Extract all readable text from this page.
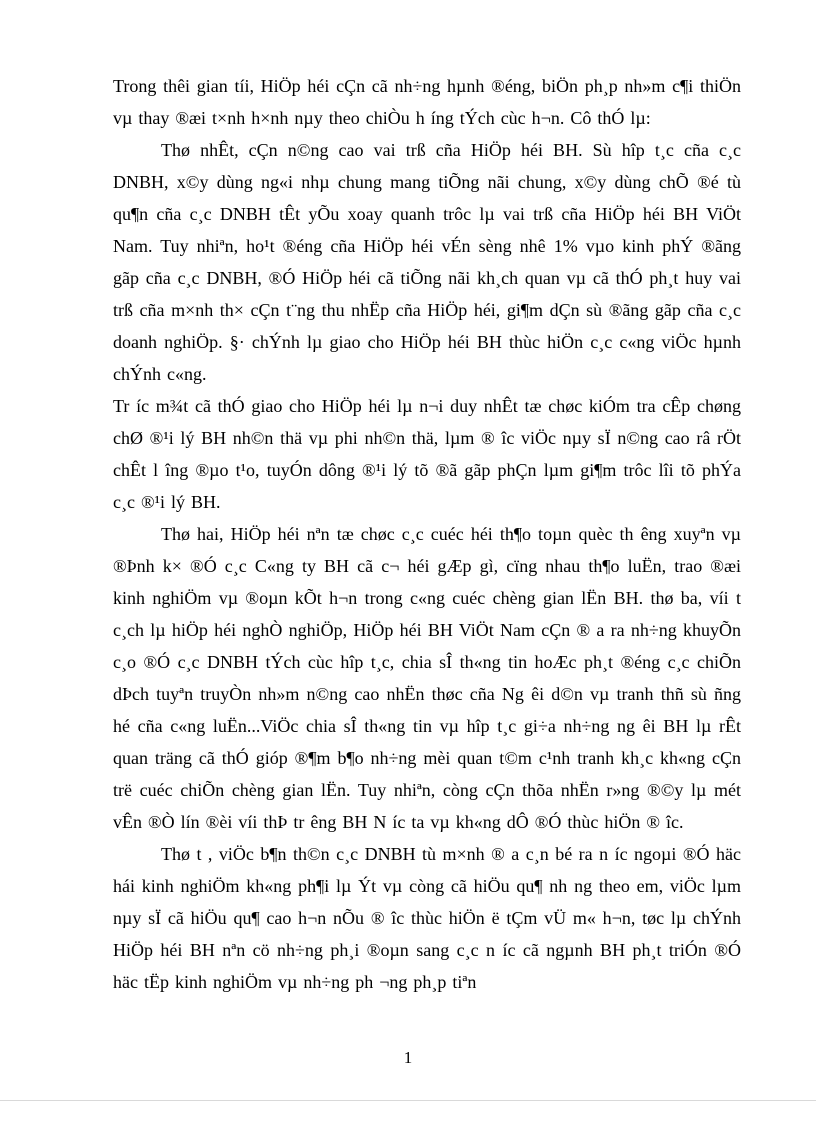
Trong thêi gian tíi, HiÖp héi cÇn cã nh÷ng hµnh ®éng, biÖn ph¸p nh»m c¶i thiÖn vµ thay ®æi t×nh h×nh nµy theo chiÒu h íng tÝch cùc h¬n. Cô thÓ lµ:

Thø nhÊt, cÇn n©ng cao vai trß cña HiÖp héi BH. Sù hîp t¸c cña c¸c DNBH, x©y dùng ng«i nhµ chung mang tiÕng nãi chung, x©y dùng chÕ ®é tù qu¶n cña c¸c DNBH tÊt yÕu xoay quanh trôc lµ vai trß cña HiÖp héi BH ViÖt Nam. Tuy nhiªn, ho¹t ®éng cña HiÖp héi vÉn sèng nhê 1% vµo kinh phÝ ®ãng gãp cña c¸c DNBH, ®Ó HiÖp héi cã tiÕng nãi kh¸ch quan vµ cã thÓ ph¸t huy vai trß cña m×nh th× cÇn t¨ng thu nhËp cña HiÖp héi, gi¶m dÇn sù ®ãng gãp cña c¸c doanh nghiÖp. §· chÝnh lµ giao cho HiÖp héi BH thùc hiÖn c¸c c«ng viÖc hµnh chÝnh c«ng.

Tr íc m¾t cã thÓ giao cho HiÖp héi lµ n¬i duy nhÊt tæ chøc kiÓm tra cÊp chøng chØ ®¹i lý BH nh©n thä vµ phi nh©n thä, lµm ® îc viÖc nµy sÏ n©ng cao râ rÖt chÊt l îng ®µo t¹o, tuyÓn dông ®¹i lý tõ ®ã gãp phÇn lµm gi¶m trôc lîi tõ phÝa c¸c ®¹i lý BH.

Thø hai, HiÖp héi nªn tæ chøc c¸c cuéc héi th¶o toµn quèc th êng xuyªn vµ ®Þnh k× ®Ó c¸c C«ng ty BH cã c¬ héi gÆp gì, cïng nhau th¶o luËn, trao ®æi kinh nghiÖm vµ ®oµn kÕt h¬n trong c«ng cuéc chèng gian lËn BH. thø ba, víi t c¸ch lµ hiÖp héi nghÒ nghiÖp, HiÖp héi BH ViÖt Nam cÇn ® a ra nh÷ng khuyÕn c¸o ®Ó c¸c DNBH tÝch cùc hîp t¸c, chia sÎ th«ng tin hoÆc ph¸t ®éng c¸c chiÕn dÞch tuyªn truyÒn nh»m n©ng cao nhËn thøc cña Ng êi d©n vµ tranh thñ sù ñng hé cña c«ng luËn...ViÖc chia sÎ th«ng tin vµ hîp t¸c gi÷a nh÷ng ng êi BH lµ rÊt quan träng cã thÓ gióp ®¶m b¶o nh÷ng mèi quan t©m c¹nh tranh kh¸c kh«ng cÇn trë cuéc chiÕn chèng gian lËn. Tuy nhiªn, còng cÇn thõa nhËn r»ng ®©y lµ mét vÊn ®Ò lín ®èi víi thÞ tr êng BH N íc ta vµ kh«ng dÔ ®Ó thùc hiÖn ® îc.

Thø t , viÖc b¶n th©n c¸c DNBH tù m×nh ® a c¸n bé ra n íc ngoµi ®Ó häc hái kinh nghiÖm kh«ng ph¶i lµ Ýt vµ còng cã hiÖu qu¶ nh ng theo em, viÖc lµm nµy sÏ cã hiÖu qu¶ cao h¬n nÕu ® îc thùc hiÖn ë tÇm vÜ m« h¬n, tøc lµ chÝnh HiÖp héi BH nªn cö nh÷ng ph¸i ®oµn sang c¸c n íc cã ngµnh BH ph¸t triÓn ®Ó häc tËp kinh nghiÖm vµ nh÷ng ph ¬ng ph¸p tiªn

1
